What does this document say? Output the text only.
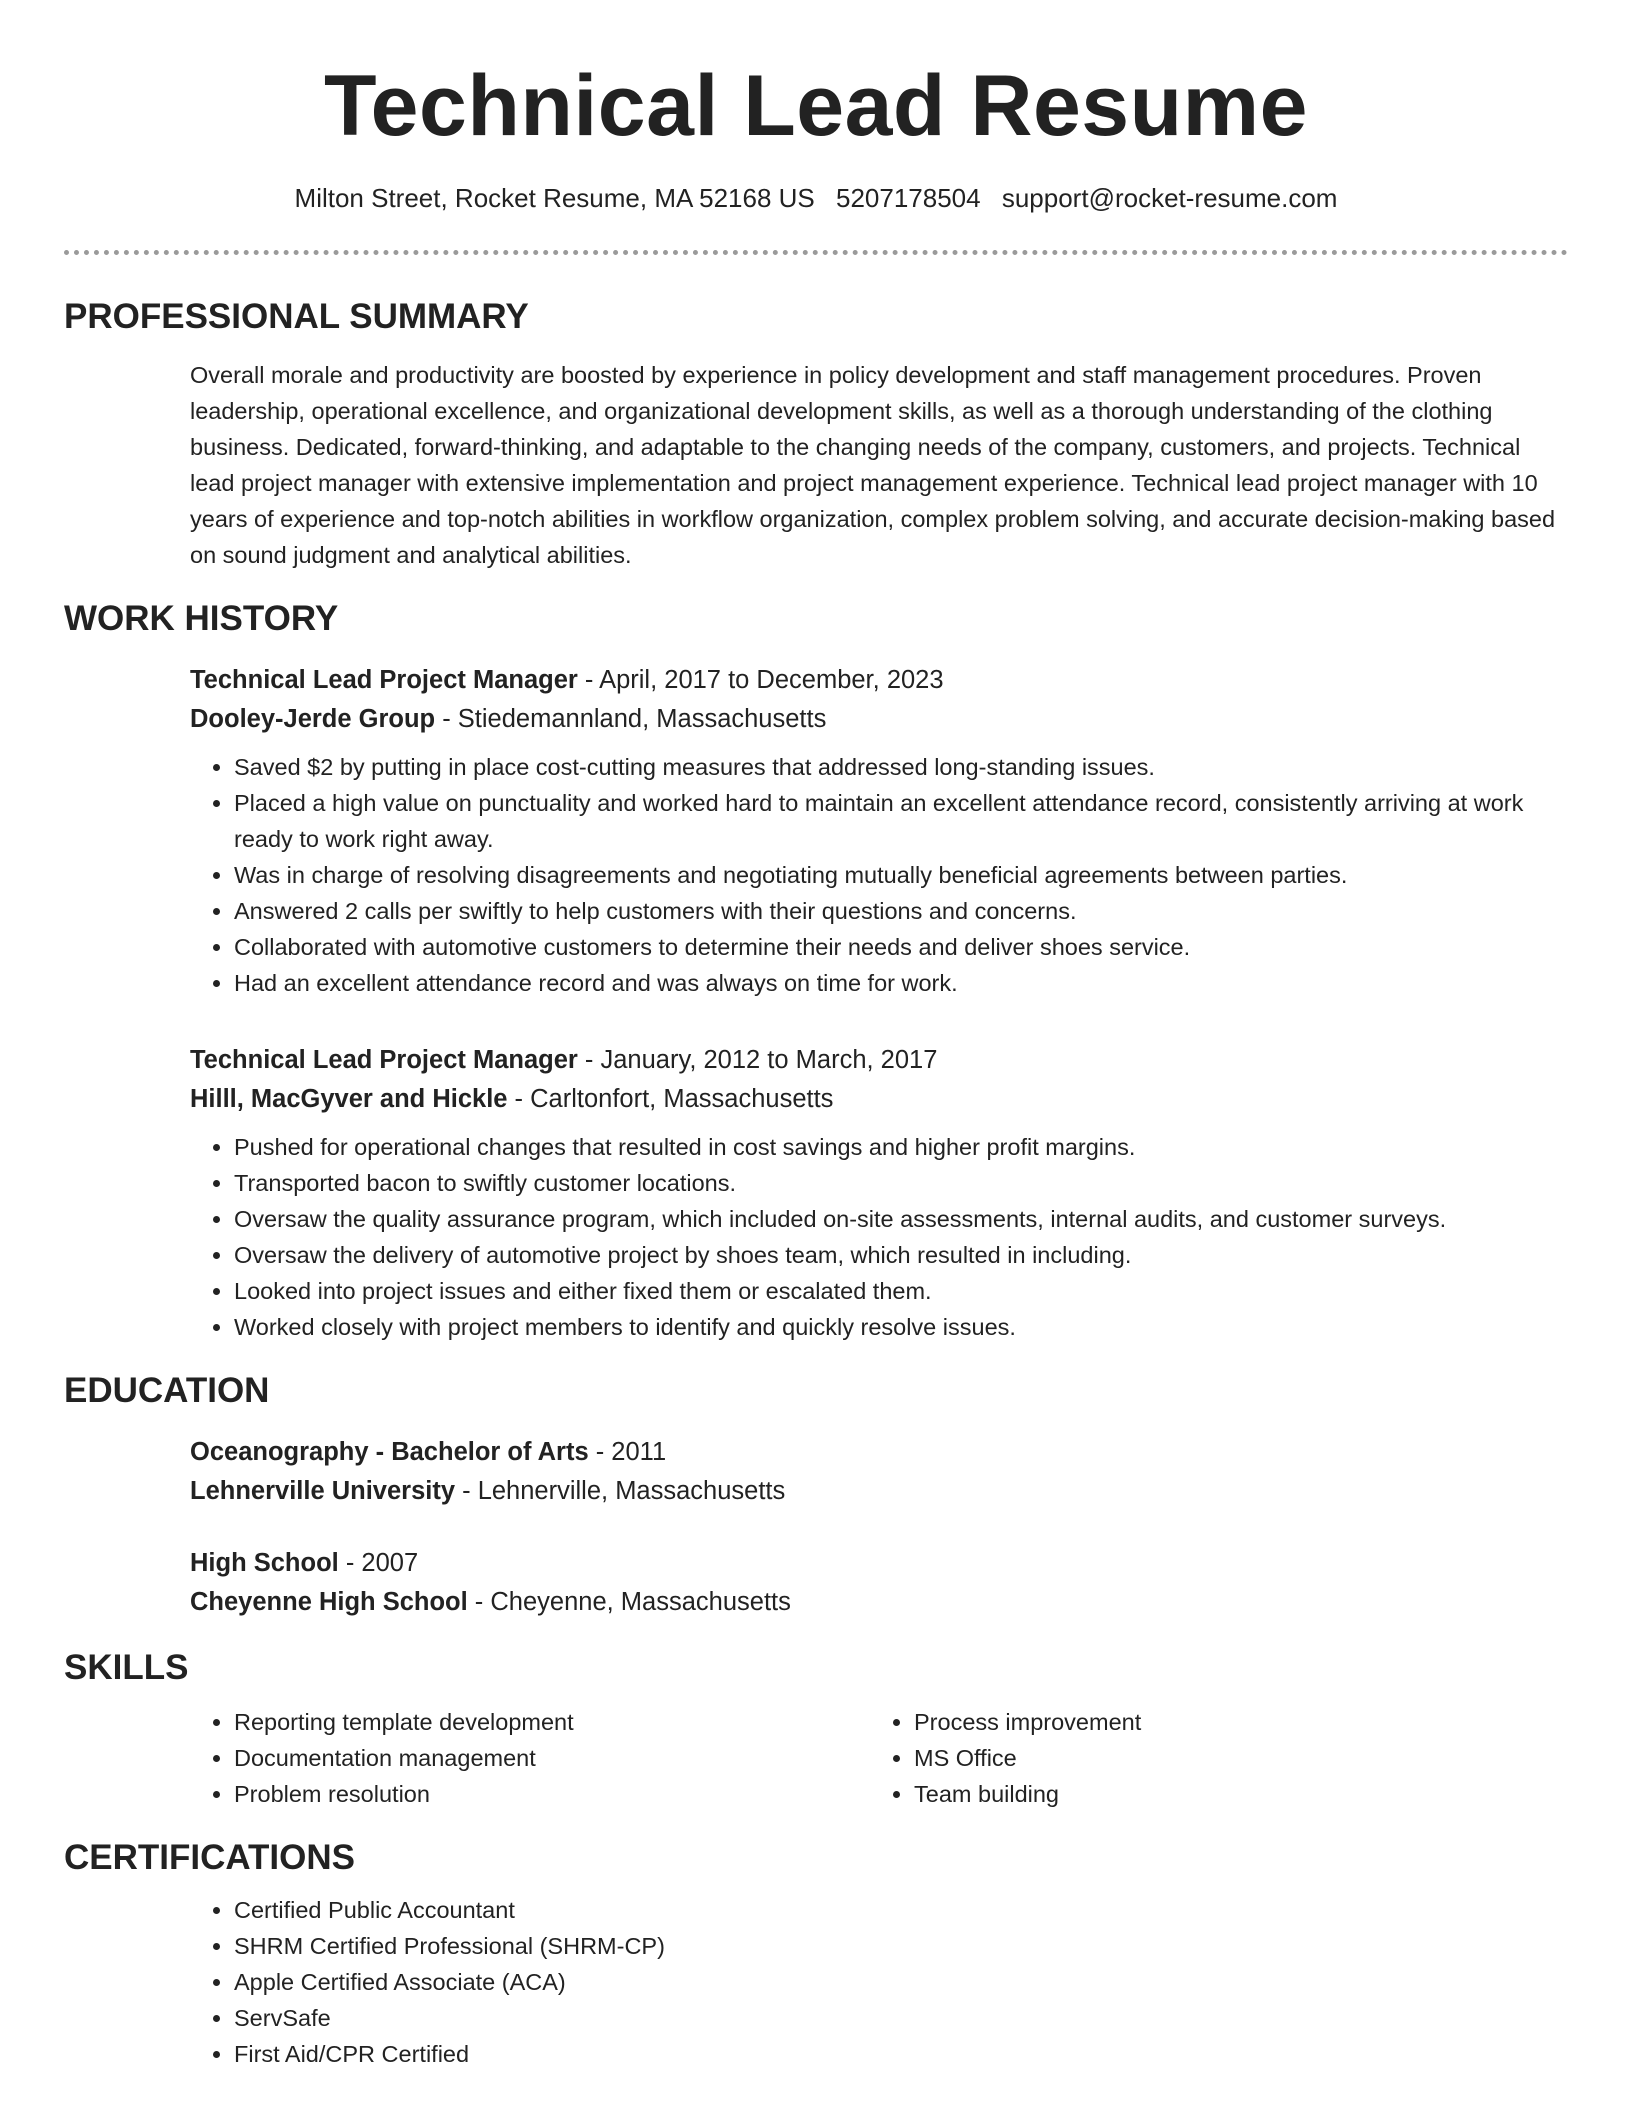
Technical Lead Resume
Milton Street, Rocket Resume, MA 52168 US 5207178504 support@rocket-resume.com
PROFESSIONAL SUMMARY

Overall morale and productivity are boosted by experience in policy development and staff management procedures. Proven leadership, operational excellence, and organizational development skills, as well as a thorough understanding of the clothing business. Dedicated, forward-thinking, and adaptable to the changing needs of the company, customers, and projects. Technical lead project manager with extensive implementation and project management experience. Technical lead project manager with 10 years of experience and top-notch abilities in workflow organization, complex problem solving, and accurate decision-making based on sound judgment and analytical abilities.

WORK HISTORY
Technical Lead Project Manager - April, 2017 to December, 2023
Dooley-Jerde Group - Stiedemannland, Massachusetts
• Saved $2 by putting in place cost-cutting measures that addressed long-standing issues.
• Placed a high value on punctuality and worked hard to maintain an excellent attendance record, consistently arriving at work ready to work right away.
• Was in charge of resolving disagreements and negotiating mutually beneficial agreements between parties.
• Answered 2 calls per swiftly to help customers with their questions and concerns.
• Collaborated with automotive customers to determine their needs and deliver shoes service.
• Had an excellent attendance record and was always on time for work.
Technical Lead Project Manager - January, 2012 to March, 2017
Hilll, MacGyver and Hickle - Carltonfort, Massachusetts
• Pushed for operational changes that resulted in cost savings and higher profit margins.
• Transported bacon to swiftly customer locations.
• Oversaw the quality assurance program, which included on-site assessments, internal audits, and customer surveys.
• Oversaw the delivery of automotive project by shoes team, which resulted in including.
• Looked into project issues and either fixed them or escalated them.
• Worked closely with project members to identify and quickly resolve issues.
EDUCATION
Oceanography - Bachelor of Arts - 2011
Lehnerville University - Lehnerville, Massachusetts
High School - 2007
Cheyenne High School - Cheyenne, Massachusetts
SKILLS
• Reporting template development
• Documentation management
• Problem resolution
• Process improvement
• MS Office
• Team building
CERTIFICATIONS
• Certified Public Accountant
• SHRM Certified Professional (SHRM-CP)
• Apple Certified Associate (ACA)
• ServSafe
• First Aid/CPR Certified
